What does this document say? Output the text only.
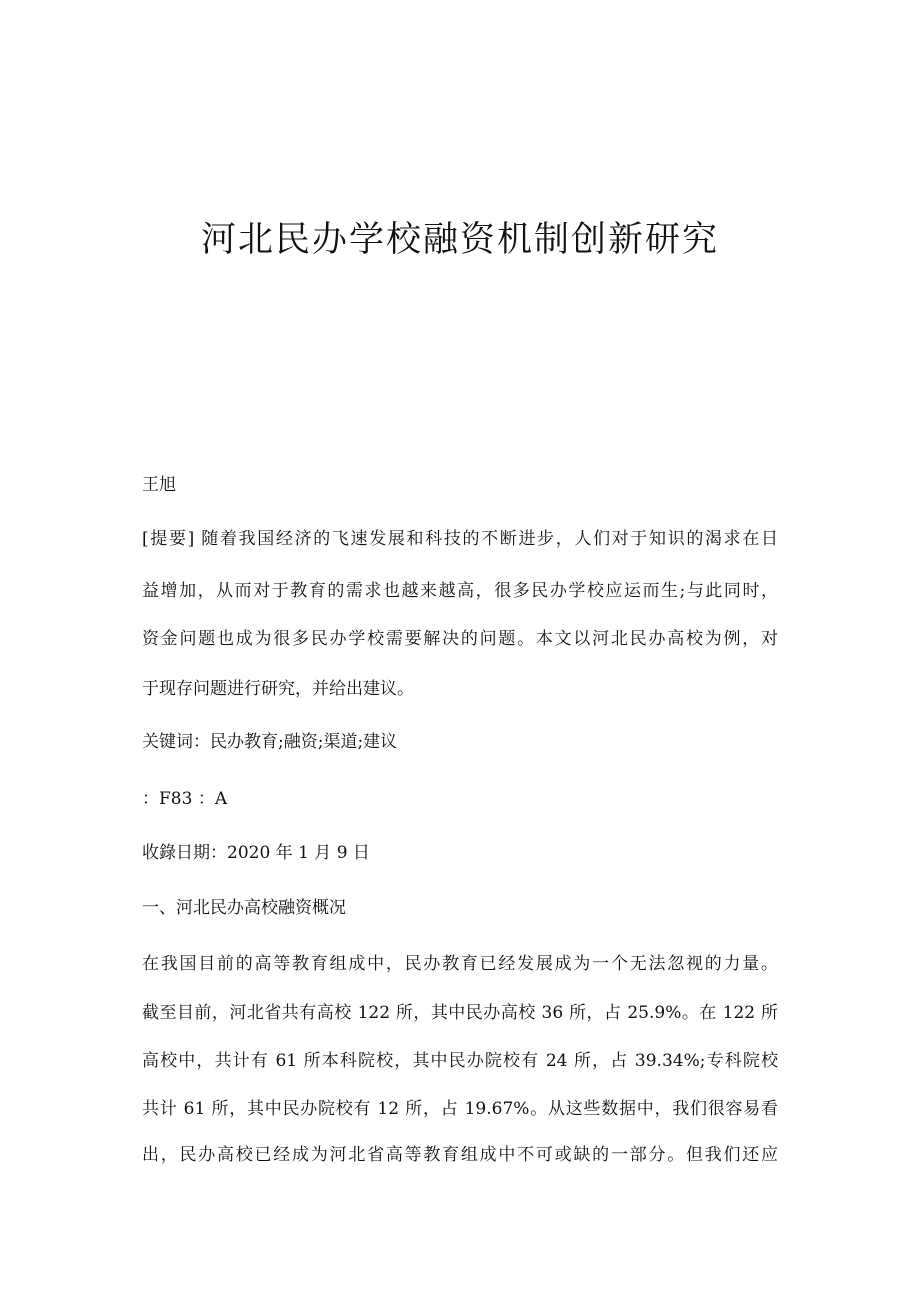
河北民办学校融资机制创新研究

王旭

[提要] 随着我国经济的飞速发展和科技的不断进步，人们对于知识的渴求在日

益增加，从而对于教育的需求也越来越高，很多民办学校应运而生;与此同时，

资金问题也成为很多民办学校需要解决的问题。本文以河北民办高校为例，对

于现存问题进行研究，并给出建议。

关键词：民办教育;融资;渠道;建议

：F83 ：A

收錄日期：2020 年 1 月 9 日

一、河北民办高校融资概况

在我国目前的高等教育组成中，民办教育已经发展成为一个无法忽视的力量。

截至目前，河北省共有高校 122 所，其中民办高校 36 所，占 25.9%。在 122 所

高校中，共计有 61 所本科院校，其中民办院校有 24 所，占 39.34%;专科院校

共计 61 所，其中民办院校有 12 所，占 19.67%。从这些数据中，我们很容易看

出，民办高校已经成为河北省高等教育组成中不可或缺的一部分。但我们还应
